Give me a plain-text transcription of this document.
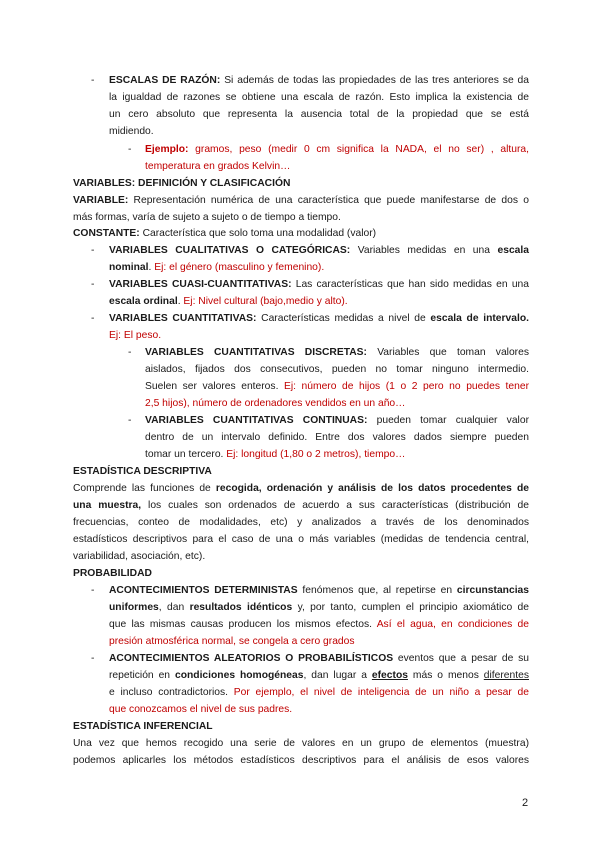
- ESCALAS DE RAZÓN: Si además de todas las propiedades de las tres anteriores se da
la igualdad de razones se obtiene una escala de razón. Esto implica la existencia de
un cero absoluto que representa la ausencia total de la propiedad que se está
midiendo.
- Ejemplo: gramos, peso (medir 0 cm significa la NADA, el no ser) , altura,
temperatura en grados Kelvin…
VARIABLES: DEFINICIÓN Y CLASIFICACIÓN
VARIABLE: Representación numérica de una característica que puede manifestarse de dos o
más formas, varía de sujeto a sujeto o de tiempo a tiempo.
CONSTANTE: Característica que solo toma una modalidad (valor)
- VARIABLES CUALITATIVAS O CATEGÓRICAS: Variables medidas en una escala
nominal. Ej: el género (masculino y femenino).
- VARIABLES CUASI-CUANTITATIVAS: Las características que han sido medidas en una
escala ordinal. Ej: Nivel cultural (bajo,medio y alto).
- VARIABLES CUANTITATIVAS: Características medidas a nivel de escala de intervalo.
Ej: El peso.
- VARIABLES CUANTITATIVAS DISCRETAS: Variables que toman valores
aislados, fijados dos consecutivos, pueden no tomar ninguno intermedio.
Suelen ser valores enteros. Ej: número de hijos (1 o 2 pero no puedes tener
2,5 hijos), número de ordenadores vendidos en un año…
- VARIABLES CUANTITATIVAS CONTINUAS: pueden tomar cualquier valor
dentro de un intervalo definido. Entre dos valores dados siempre pueden
tomar un tercero. Ej: longitud (1,80 o 2 metros), tiempo…
ESTADÍSTICA DESCRIPTIVA
Comprende las funciones de recogida, ordenación y análisis de los datos procedentes de
una muestra, los cuales son ordenados de acuerdo a sus características (distribución de
frecuencias, conteo de modalidades, etc) y analizados a través de los denominados
estadísticos descriptivos para el caso de una o más variables (medidas de tendencia central,
variabilidad, asociación, etc).
PROBABILIDAD
- ACONTECIMIENTOS DETERMINISTAS fenómenos que, al repetirse en circunstancias
uniformes, dan resultados idénticos y, por tanto, cumplen el principio axiomático de
que las mismas causas producen los mismos efectos. Así el agua, en condiciones de
presión atmosférica normal, se congela a cero grados
- ACONTECIMIENTOS ALEATORIOS O PROBABILÍSTICOS eventos que a pesar de su
repetición en condiciones homogéneas, dan lugar a efectos más o menos diferentes
e incluso contradictorios. Por ejemplo, el nivel de inteligencia de un niño a pesar de
que conozcamos el nivel de sus padres.
ESTADÍSTICA INFERENCIAL
Una vez que hemos recogido una serie de valores en un grupo de elementos (muestra)
podemos aplicarles los métodos estadísticos descriptivos para el análisis de esos valores
2
